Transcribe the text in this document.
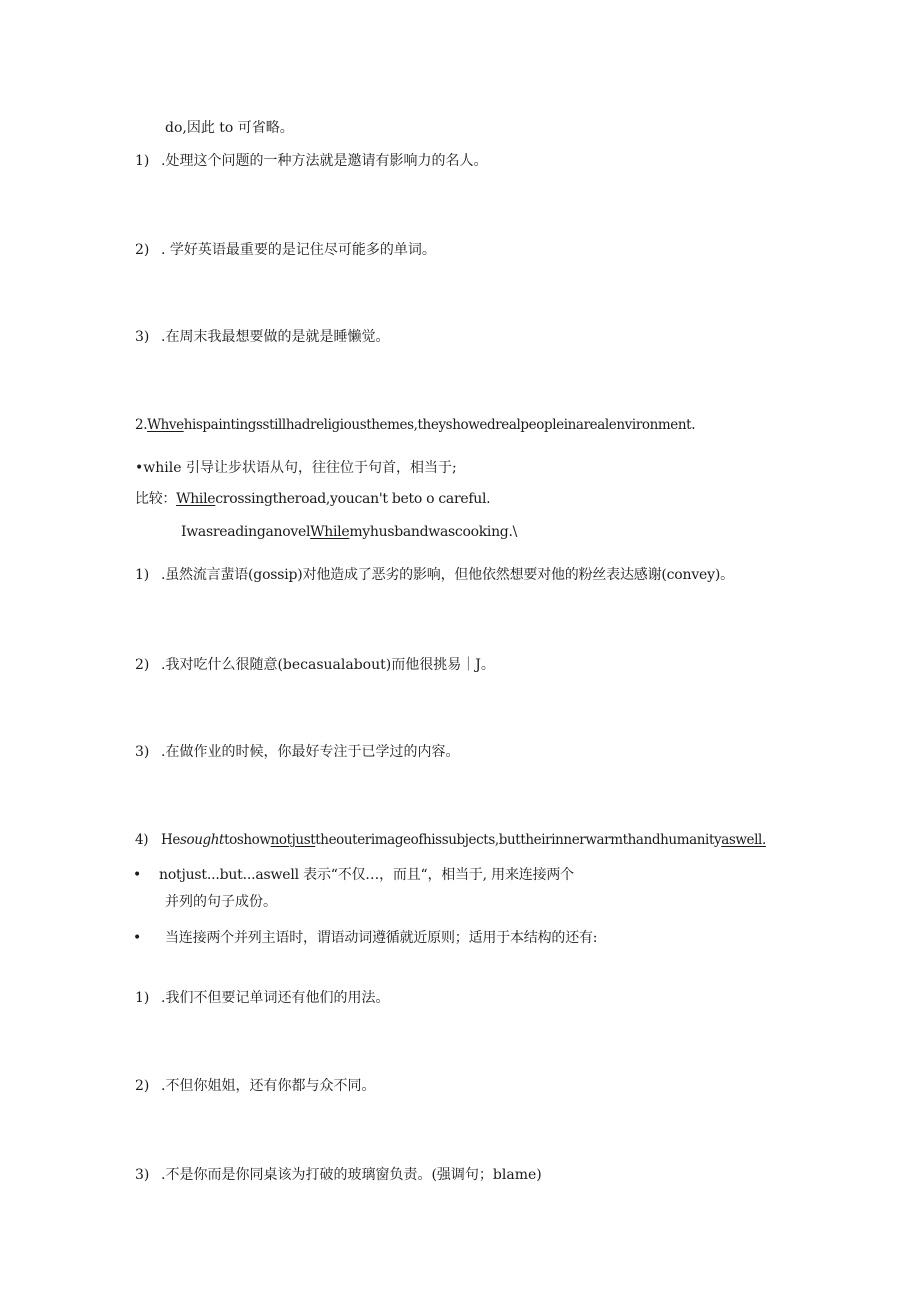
do,因此 to 可省略。
1) .处理这个问题的一种方法就是邀请有影响力的名人。
2) . 学好英语最重要的是记住尽可能多的单词。
3) .在周末我最想要做的是就是睡懒觉。
2.Whvehispaintingsstillhadreligiousthemes,theyshowedrealpeopleinarealenvironment.
•while 引导让步状语从句，往往位于句首，相当于;
比较：Whilecrossingtheroad,youcan't beto o careful.
IwasreadinganovelWhilemyhusbandwascooking.\
1) .虽然流言蜚语(gossip)对他造成了恶劣的影响，但他依然想要对他的粉丝表达感谢(convey)。
2) .我对吃什么很随意(becasualabout)而他很挑易｜J。
3) .在做作业的时候，你最好专注于已学过的内容。
4) Hesoughttoshownotjusttheouterimageofhissubjects,buttheirinnerwarmthandhumanityaswell.
• notjust...but...aswell 表示“不仅…，而且“，相当于, 用来连接两个
并列的句子成份。
• 当连接两个并列主语时，谓语动词遵循就近原则；适用于本结构的还有:
1) .我们不但要记单词还有他们的用法。
2) .不但你姐姐，还有你都与众不同。
3) .不是你而是你同桌该为打破的玻璃窗负责。(强调句；blame)
